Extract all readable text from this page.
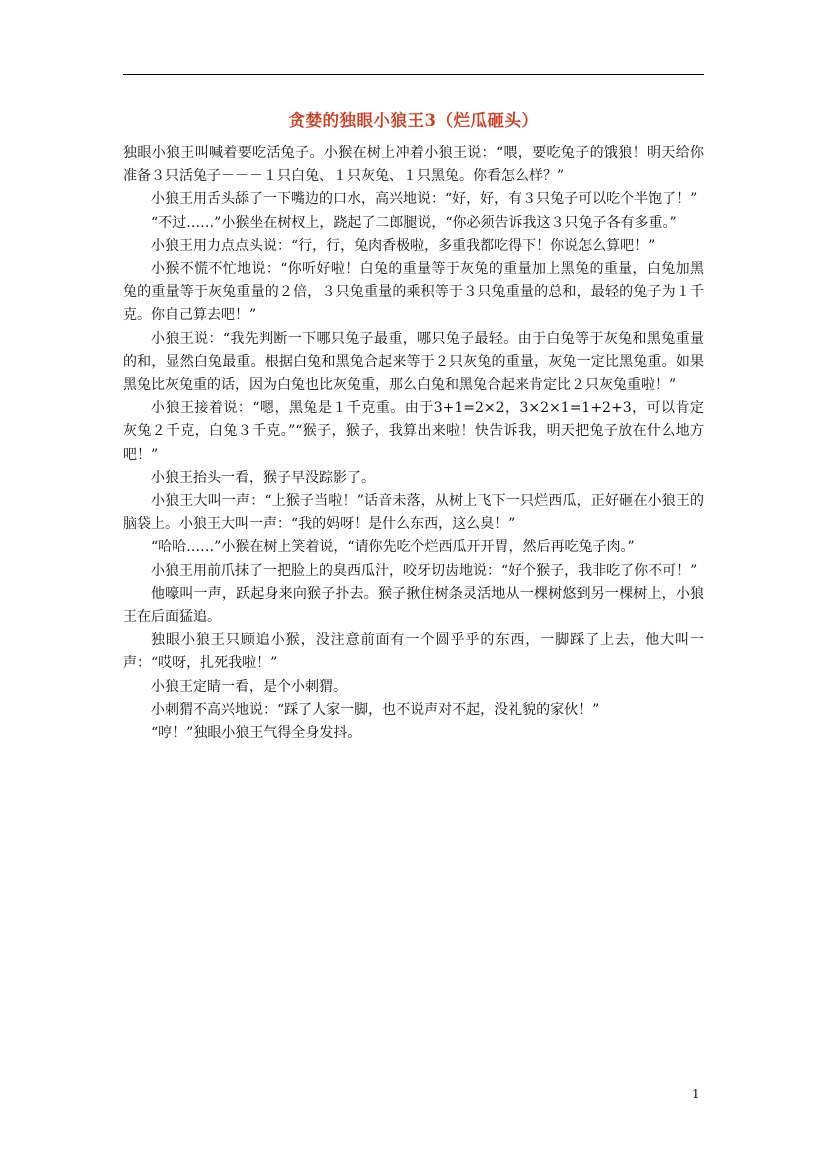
贪婪的独眼小狼王3（烂瓜砸头）

独眼小狼王叫喊着要吃活兔子。小猴在树上冲着小狼王说：“喂，要吃兔子的饿狼！明天给你准备３只活兔子－－－１只白兔、１只灰兔、１只黑兔。你看怎么样？”

小狼王用舌头舔了一下嘴边的口水，高兴地说：“好，好，有３只兔子可以吃个半饱了！”

“不过……”小猴坐在树杈上，跷起了二郎腿说，“你必须告诉我这３只兔子各有多重。”

小狼王用力点点头说：“行，行，兔肉香极啦，多重我都吃得下！你说怎么算吧！”

小猴不慌不忙地说：“你听好啦！白兔的重量等于灰兔的重量加上黑兔的重量，白兔加黑兔的重量等于灰兔重量的２倍，３只兔重量的乘积等于３只兔重量的总和，最轻的兔子为１千克。你自己算去吧！”

小狼王说：“我先判断一下哪只兔子最重，哪只兔子最轻。由于白兔等于灰兔和黑兔重量的和，显然白兔最重。根据白兔和黑兔合起来等于２只灰兔的重量，灰兔一定比黑兔重。如果黑兔比灰兔重的话，因为白兔也比灰兔重，那么白兔和黑兔合起来肯定比２只灰兔重啦！”

小狼王接着说：“嗯，黑兔是１千克重。由于3+1=2×2，3×2×1=1+2+3，可以肯定灰兔２千克，白兔３千克。”“猴子，猴子，我算出来啦！快告诉我，明天把兔子放在什么地方吧！”

小狼王抬头一看，猴子早没踪影了。

小狼王大叫一声：“上猴子当啦！”话音未落，从树上飞下一只烂西瓜，正好砸在小狼王的脑袋上。小狼王大叫一声：“我的妈呀！是什么东西，这么臭！”

“哈哈……”小猴在树上笑着说，“请你先吃个烂西瓜开开胃，然后再吃兔子肉。”

小狼王用前爪抹了一把脸上的臭西瓜汁，咬牙切齿地说：“好个猴子，我非吃了你不可！”

他嚎叫一声，跃起身来向猴子扑去。猴子揪住树条灵活地从一棵树悠到另一棵树上，小狼王在后面猛追。

独眼小狼王只顾追小猴，没注意前面有一个圆乎乎的东西，一脚踩了上去，他大叫一声：“哎呀，扎死我啦！”

小狼王定睛一看，是个小刺猬。

小刺猬不高兴地说：“踩了人家一脚，也不说声对不起，没礼貌的家伙！”

“哼！”独眼小狼王气得全身发抖。

1
